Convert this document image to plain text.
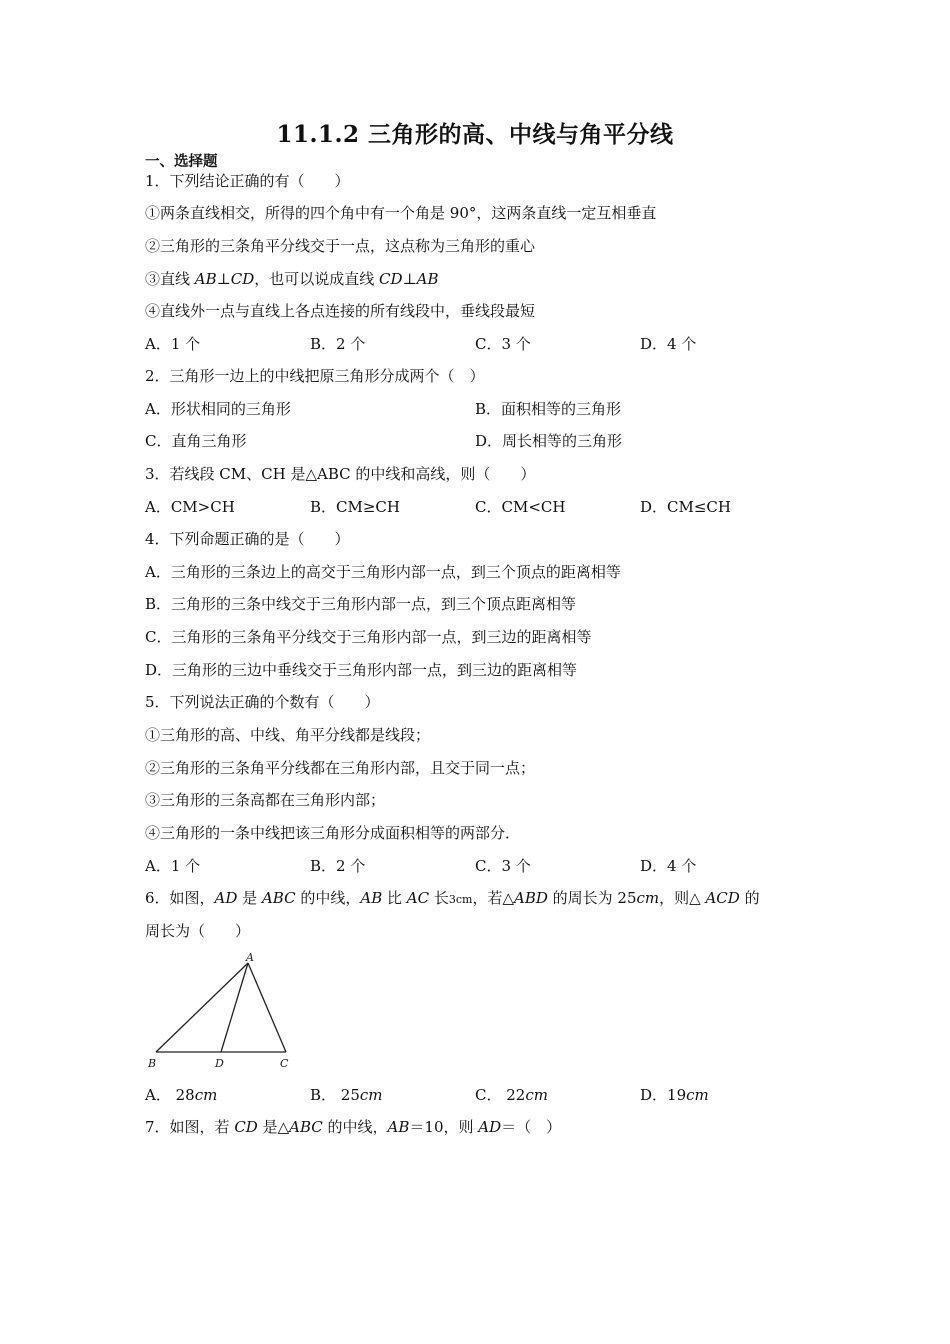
11.1.2 三角形的高、中线与角平分线
一、选择题
1．下列结论正确的有（　　）
①两条直线相交，所得的四个角中有一个角是 90°，这两条直线一定互相垂直
②三角形的三条角平分线交于一点，这点称为三角形的重心
③直线 AB⊥CD，也可以说成直线 CD⊥AB
④直线外一点与直线上各点连接的所有线段中，垂线段最短
A．1 个	B．2 个	C．3 个	D．4 个
2．三角形一边上的中线把原三角形分成两个（　）
A．形状相同的三角形	B．面积相等的三角形
C．直角三角形	D．周长相等的三角形
3．若线段 CM、CH 是△ABC 的中线和高线，则（　　）
A．CM>CH	B．CM≥CH	C．CM<CH	D．CM≤CH
4．下列命题正确的是（　　）
A．三角形的三条边上的高交于三角形内部一点，到三个顶点的距离相等
B．三角形的三条中线交于三角形内部一点，到三个顶点距离相等
C．三角形的三条角平分线交于三角形内部一点，到三边的距离相等
D．三角形的三边中垂线交于三角形内部一点，到三边的距离相等
5．下列说法正确的个数有（　　）
①三角形的高、中线、角平分线都是线段；
②三角形的三条角平分线都在三角形内部，且交于同一点；
③三角形的三条高都在三角形内部；
④三角形的一条中线把该三角形分成面积相等的两部分．
A．1 个	B．2 个	C．3 个	D．4 个
6．如图，AD 是 ABC 的中线，AB 比 AC 长3cm，若△ABD 的周长为 25cm，则△ ACD 的
周长为（　　）
A
B	D	C
A． 28cm	B． 25cm	C． 22cm	D．19cm
7．如图，若 CD 是△ABC 的中线，AB＝10，则 AD＝（　）
